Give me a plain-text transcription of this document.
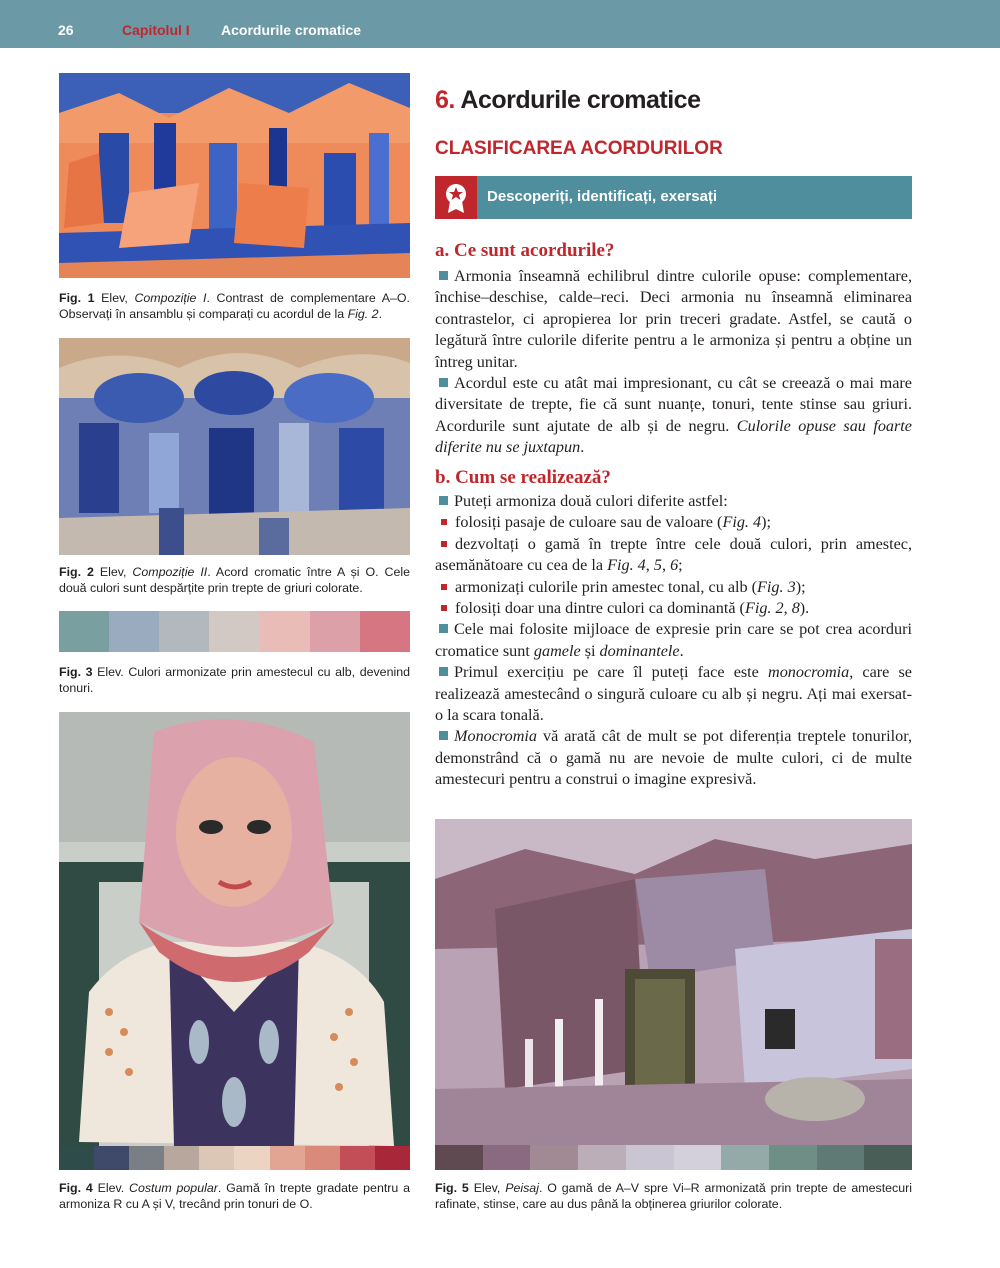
26	Capitolul I Acordurile cromatice
Fig. 1 Elev, Compoziție I. Contrast de complementare A–O. Observați în ansamblu și comparați cu acordul de la Fig. 2.
Fig. 2 Elev, Compoziție II. Acord cromatic între A și O. Cele două culori sunt despărțite prin trepte de griuri colorate.
Fig. 3 Elev. Culori armonizate prin amestecul cu alb, devenind tonuri.
Fig. 4 Elev. Costum popular. Gamă în trepte gradate pentru a armoniza R cu A și V, trecând prin tonuri de O.
6. Acordurile cromatice
CLASIFICAREA ACORDURILOR
Descoperiți, identificați, exersați
a. Ce sunt acordurile?

Armonia înseamnă echilibrul dintre culorile opuse: complementare, închise–deschise, calde–reci. Deci armonia nu înseamnă eliminarea contrastelor, ci apropierea lor prin treceri gradate. Astfel, se caută o legătură între culorile diferite pentru a le armoniza și pentru a obține un întreg unitar.

Acordul este cu atât mai impresionant, cu cât se creează o mai mare diversitate de trepte, fie că sunt nuanțe, tonuri, tente stinse sau griuri. Acordurile sunt ajutate de alb și de negru. Culorile opuse sau foarte diferite nu se juxtapun.

b. Cum se realizează?

Puteți armoniza două culori diferite astfel:

folosiți pasaje de culoare sau de valoare (Fig. 4);

dezvoltați o gamă în trepte între cele două culori, prin amestec, asemănătoare cu cea de la Fig. 4, 5, 6;

armonizați culorile prin amestec tonal, cu alb (Fig. 3);

folosiți doar una dintre culori ca dominantă (Fig. 2, 8).

Cele mai folosite mijloace de expresie prin care se pot crea acorduri cromatice sunt gamele și dominantele.

Primul exercițiu pe care îl puteți face este monocromia, care se realizează amestecând o singură culoare cu alb și negru. Ați mai exersat-o la scara tonală.

Monocromia vă arată cât de mult se pot diferenția treptele tonurilor, demonstrând că o gamă nu are nevoie de multe culori, ci de multe amestecuri pentru a construi o imagine expresivă.

Fig. 5 Elev, Peisaj. O gamă de A–V spre Vi–R armonizată prin trepte de amestecuri rafinate, stinse, care au dus până la obținerea griurilor colorate.
